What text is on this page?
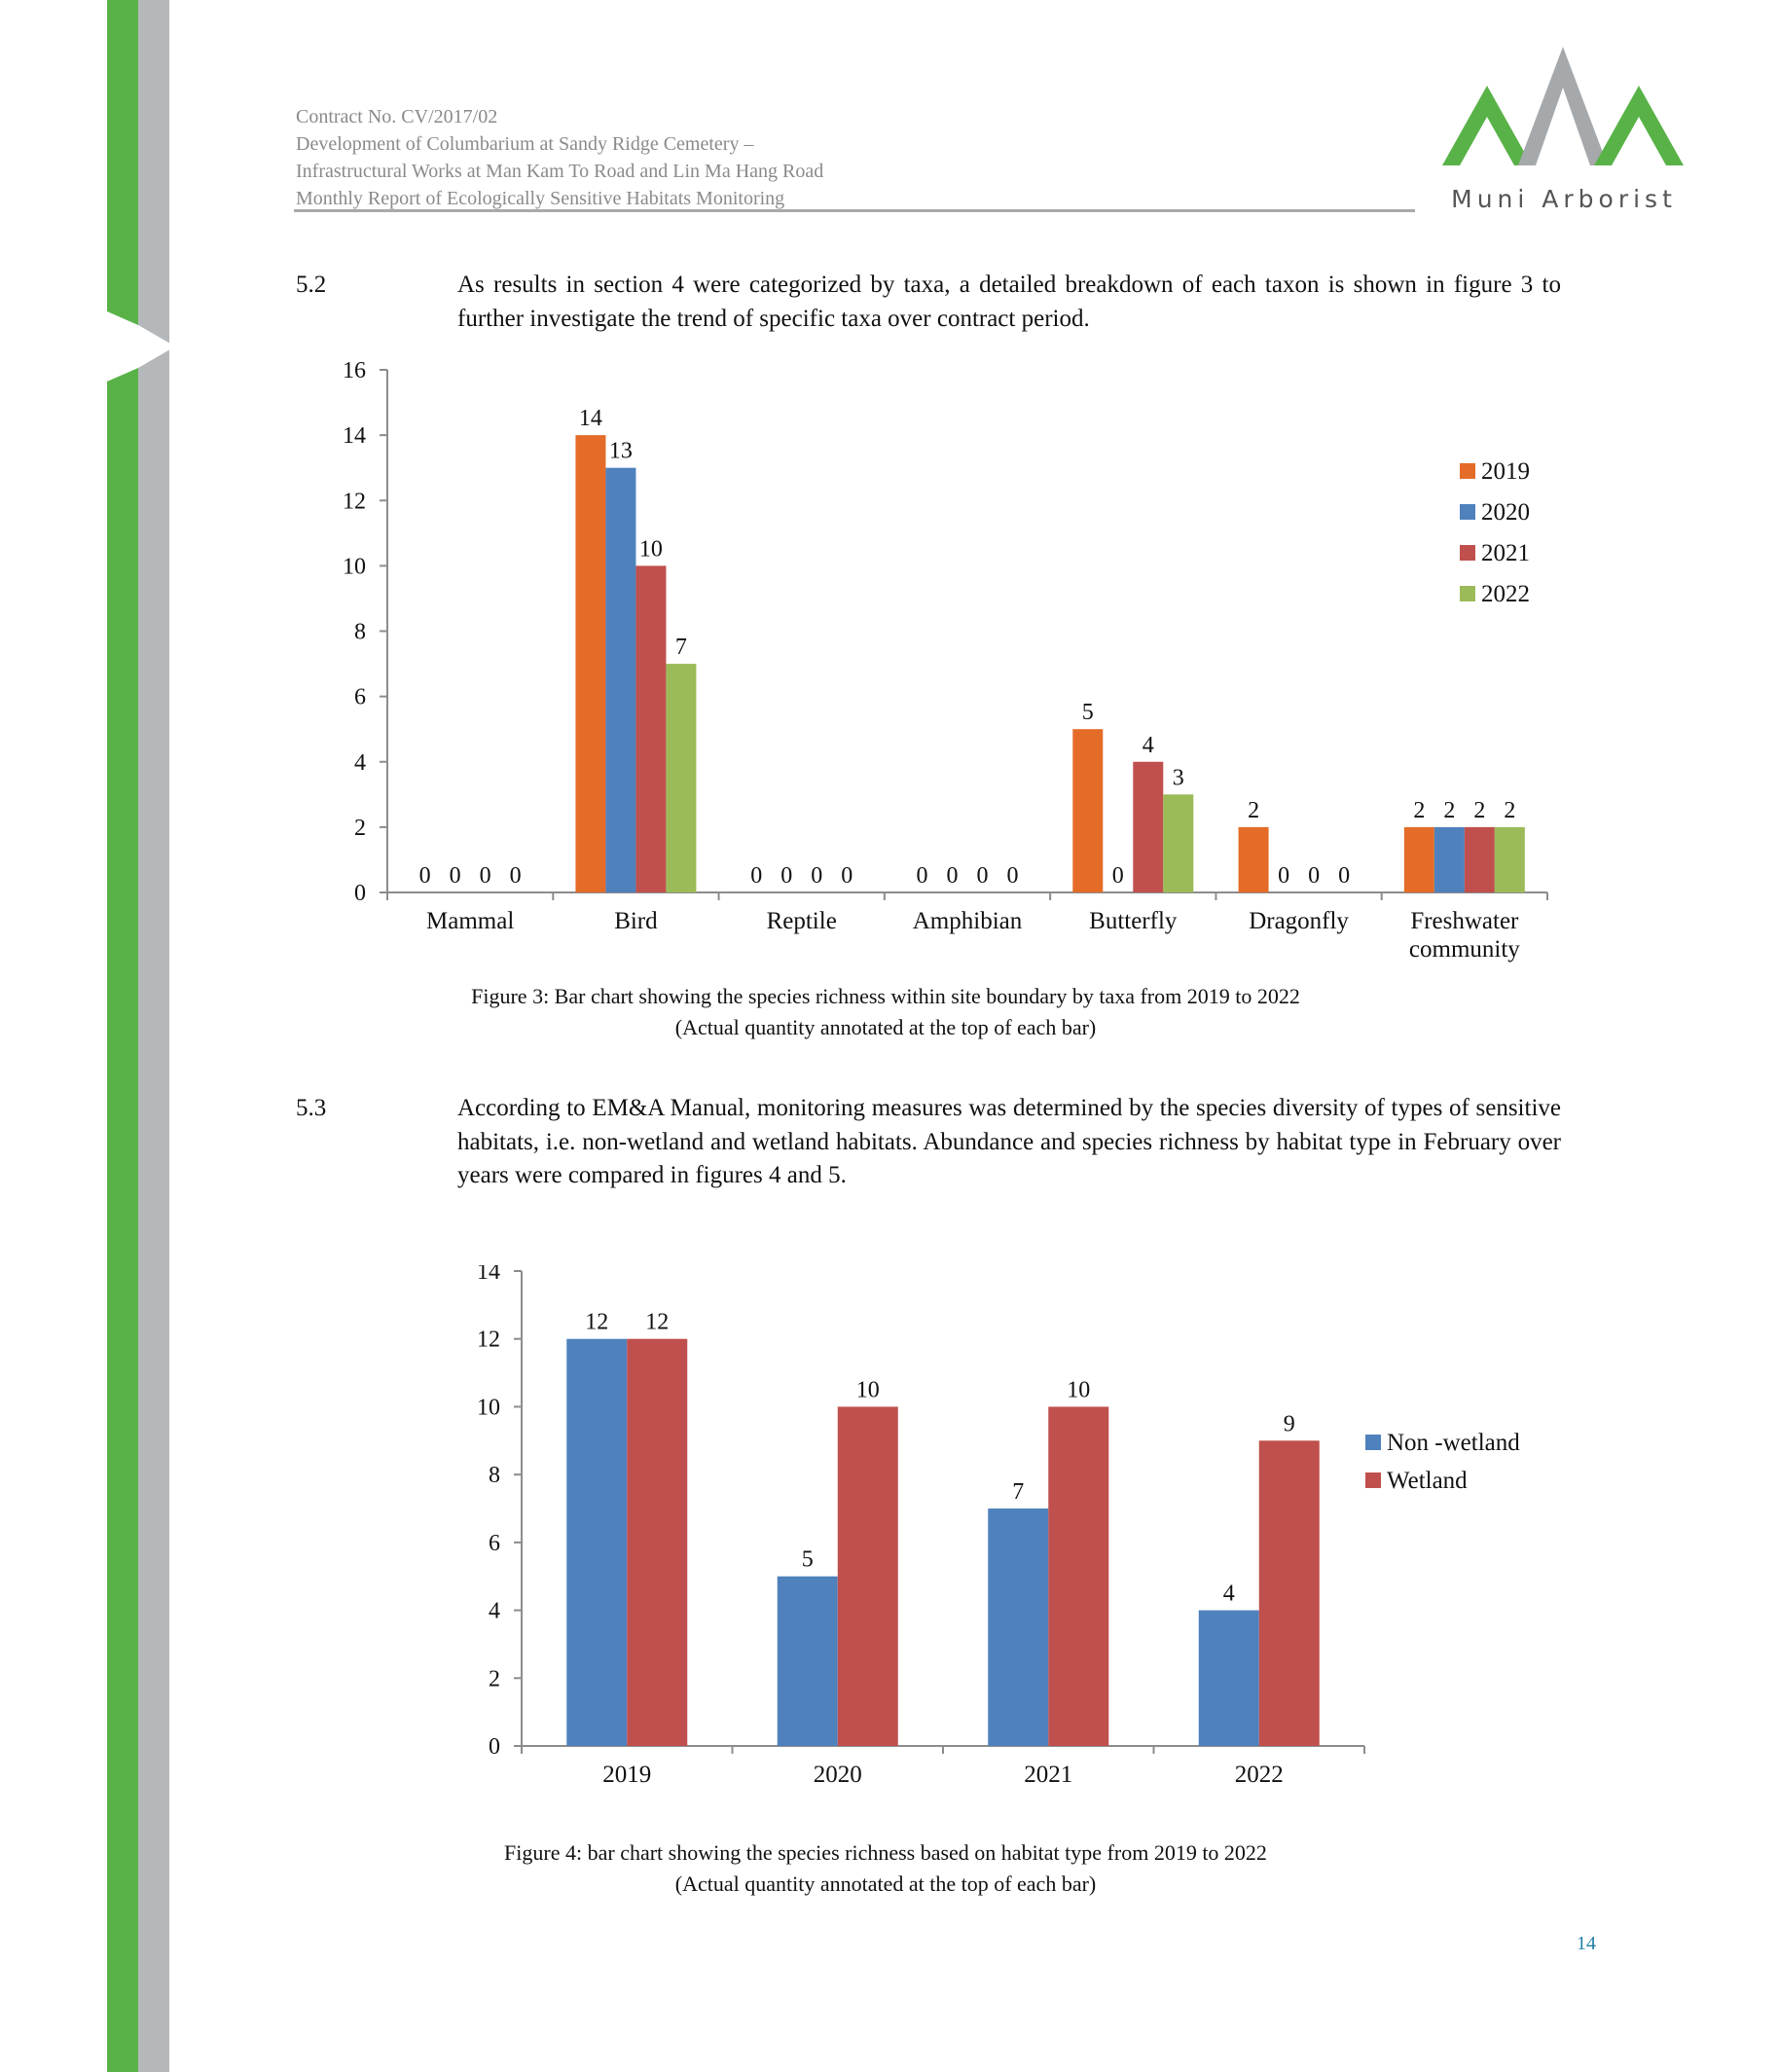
Contract No. CV/2017/02
Development of Columbarium at Sandy Ridge Cemetery –
Infrastructural Works at Man Kam To Road and Lin Ma Hang Road
Monthly Report of Ecologically Sensitive Habitats Monitoring	Muni Arborist
5.2	As results in section 4 were categorized by taxa, a detailed breakdown of each taxon is shown in figure 3 to further investigate the trend of specific taxa over contract period.
0
2
4
6
8
10
12
14
16
0 0 0 0
Mammal
14
13
10
7
Bird
0 0 0 0
Reptile
0 0 0 0
Amphibian
5
0
4
3
Butterfly
2
0 0 0
Dragonfly
2 2 2 2
Freshwater
community
2019
2020
2021
2022
Figure 3: Bar chart showing the species richness within site boundary by taxa from 2019 to 2022
(Actual quantity annotated at the top of each bar)
5.3	According to EM&A Manual, monitoring measures was determined by the species diversity of types of sensitive habitats, i.e. non-wetland and wetland habitats. Abundance and species richness by habitat type in February over years were compared in figures 4 and 5.
0
2
4
6
8
10
12
14
12 12
2019
5
10
2020
7
10
2021
4
9
2022
Non -wetland
Wetland
Figure 4: bar chart showing the species richness based on habitat type from 2019 to 2022
(Actual quantity annotated at the top of each bar)
14
